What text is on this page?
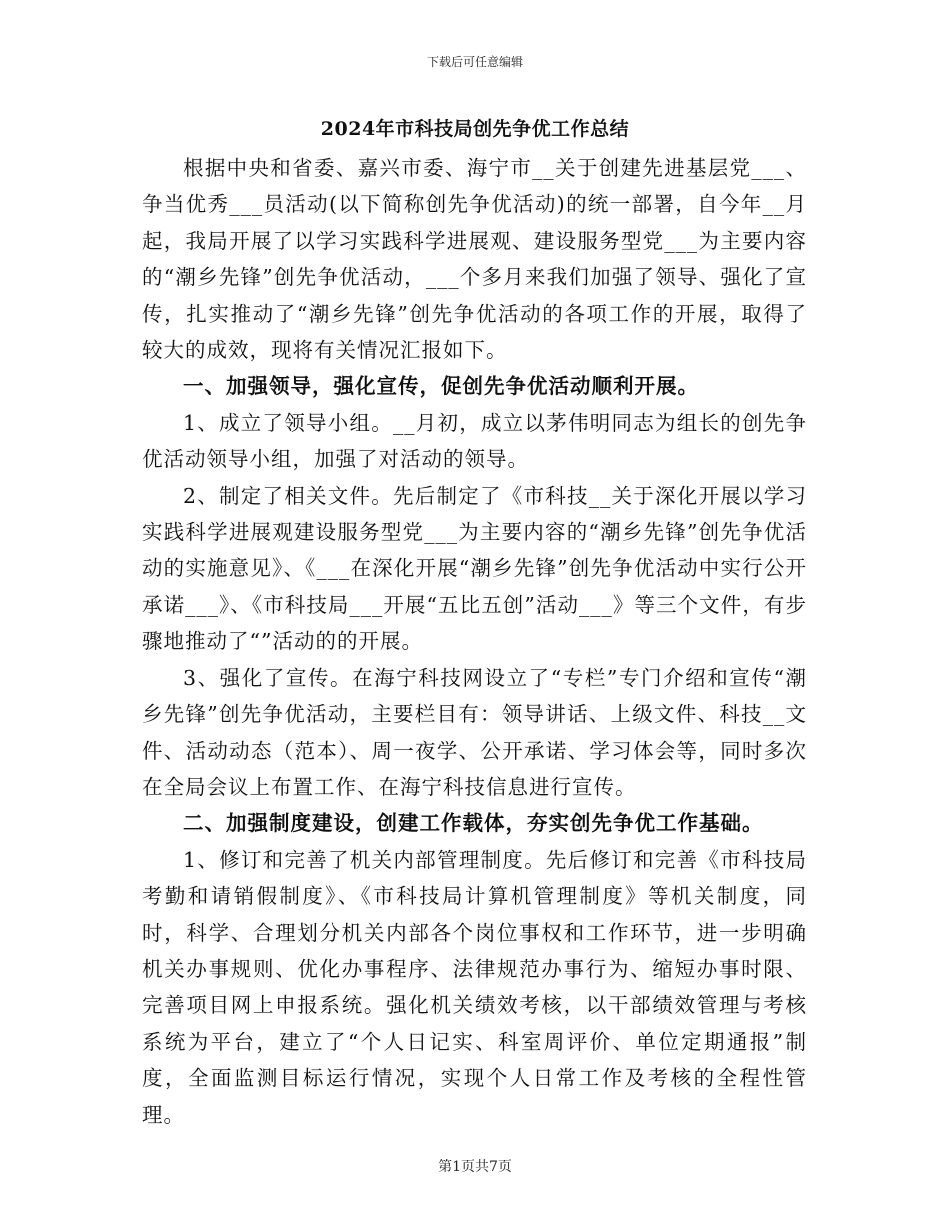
下载后可任意编辑
2024年市科技局创先争优工作总结

根据中央和省委、嘉兴市委、海宁市__关于创建先进基层党___、争当优秀___员活动(以下简称创先争优活动)的统一部署，自今年__月起，我局开展了以学习实践科学进展观、建设服务型党___为主要内容的“潮乡先锋”创先争优活动，___个多月来我们加强了领导、强化了宣传，扎实推动了“潮乡先锋”创先争优活动的各项工作的开展，取得了较大的成效，现将有关情况汇报如下。

一、加强领导，强化宣传，促创先争优活动顺利开展。

1、成立了领导小组。__月初，成立以茅伟明同志为组长的创先争优活动领导小组，加强了对活动的领导。

2、制定了相关文件。先后制定了《市科技__关于深化开展以学习实践科学进展观建设服务型党___为主要内容的“潮乡先锋”创先争优活动的实施意见》、《___在深化开展“潮乡先锋”创先争优活动中实行公开承诺___》、《市科技局___开展“五比五创”活动___》等三个文件，有步骤地推动了“”活动的的开展。

3、强化了宣传。在海宁科技网设立了“专栏”专门介绍和宣传“潮乡先锋”创先争优活动，主要栏目有：领导讲话、上级文件、科技__文件、活动动态（范本）、周一夜学、公开承诺、学习体会等，同时多次在全局会议上布置工作、在海宁科技信息进行宣传。

二、加强制度建设，创建工作载体，夯实创先争优工作基础。

1、修订和完善了机关内部管理制度。先后修订和完善《市科技局考勤和请销假制度》、《市科技局计算机管理制度》等机关制度，同时，科学、合理划分机关内部各个岗位事权和工作环节，进一步明确机关办事规则、优化办事程序、法律规范办事行为、缩短办事时限、完善项目网上申报系统。强化机关绩效考核，以干部绩效管理与考核系统为平台，建立了“个人日记实、科室周评价、单位定期通报”制度，全面监测目标运行情况，实现个人日常工作及考核的全程性管理。

第1页共7页
